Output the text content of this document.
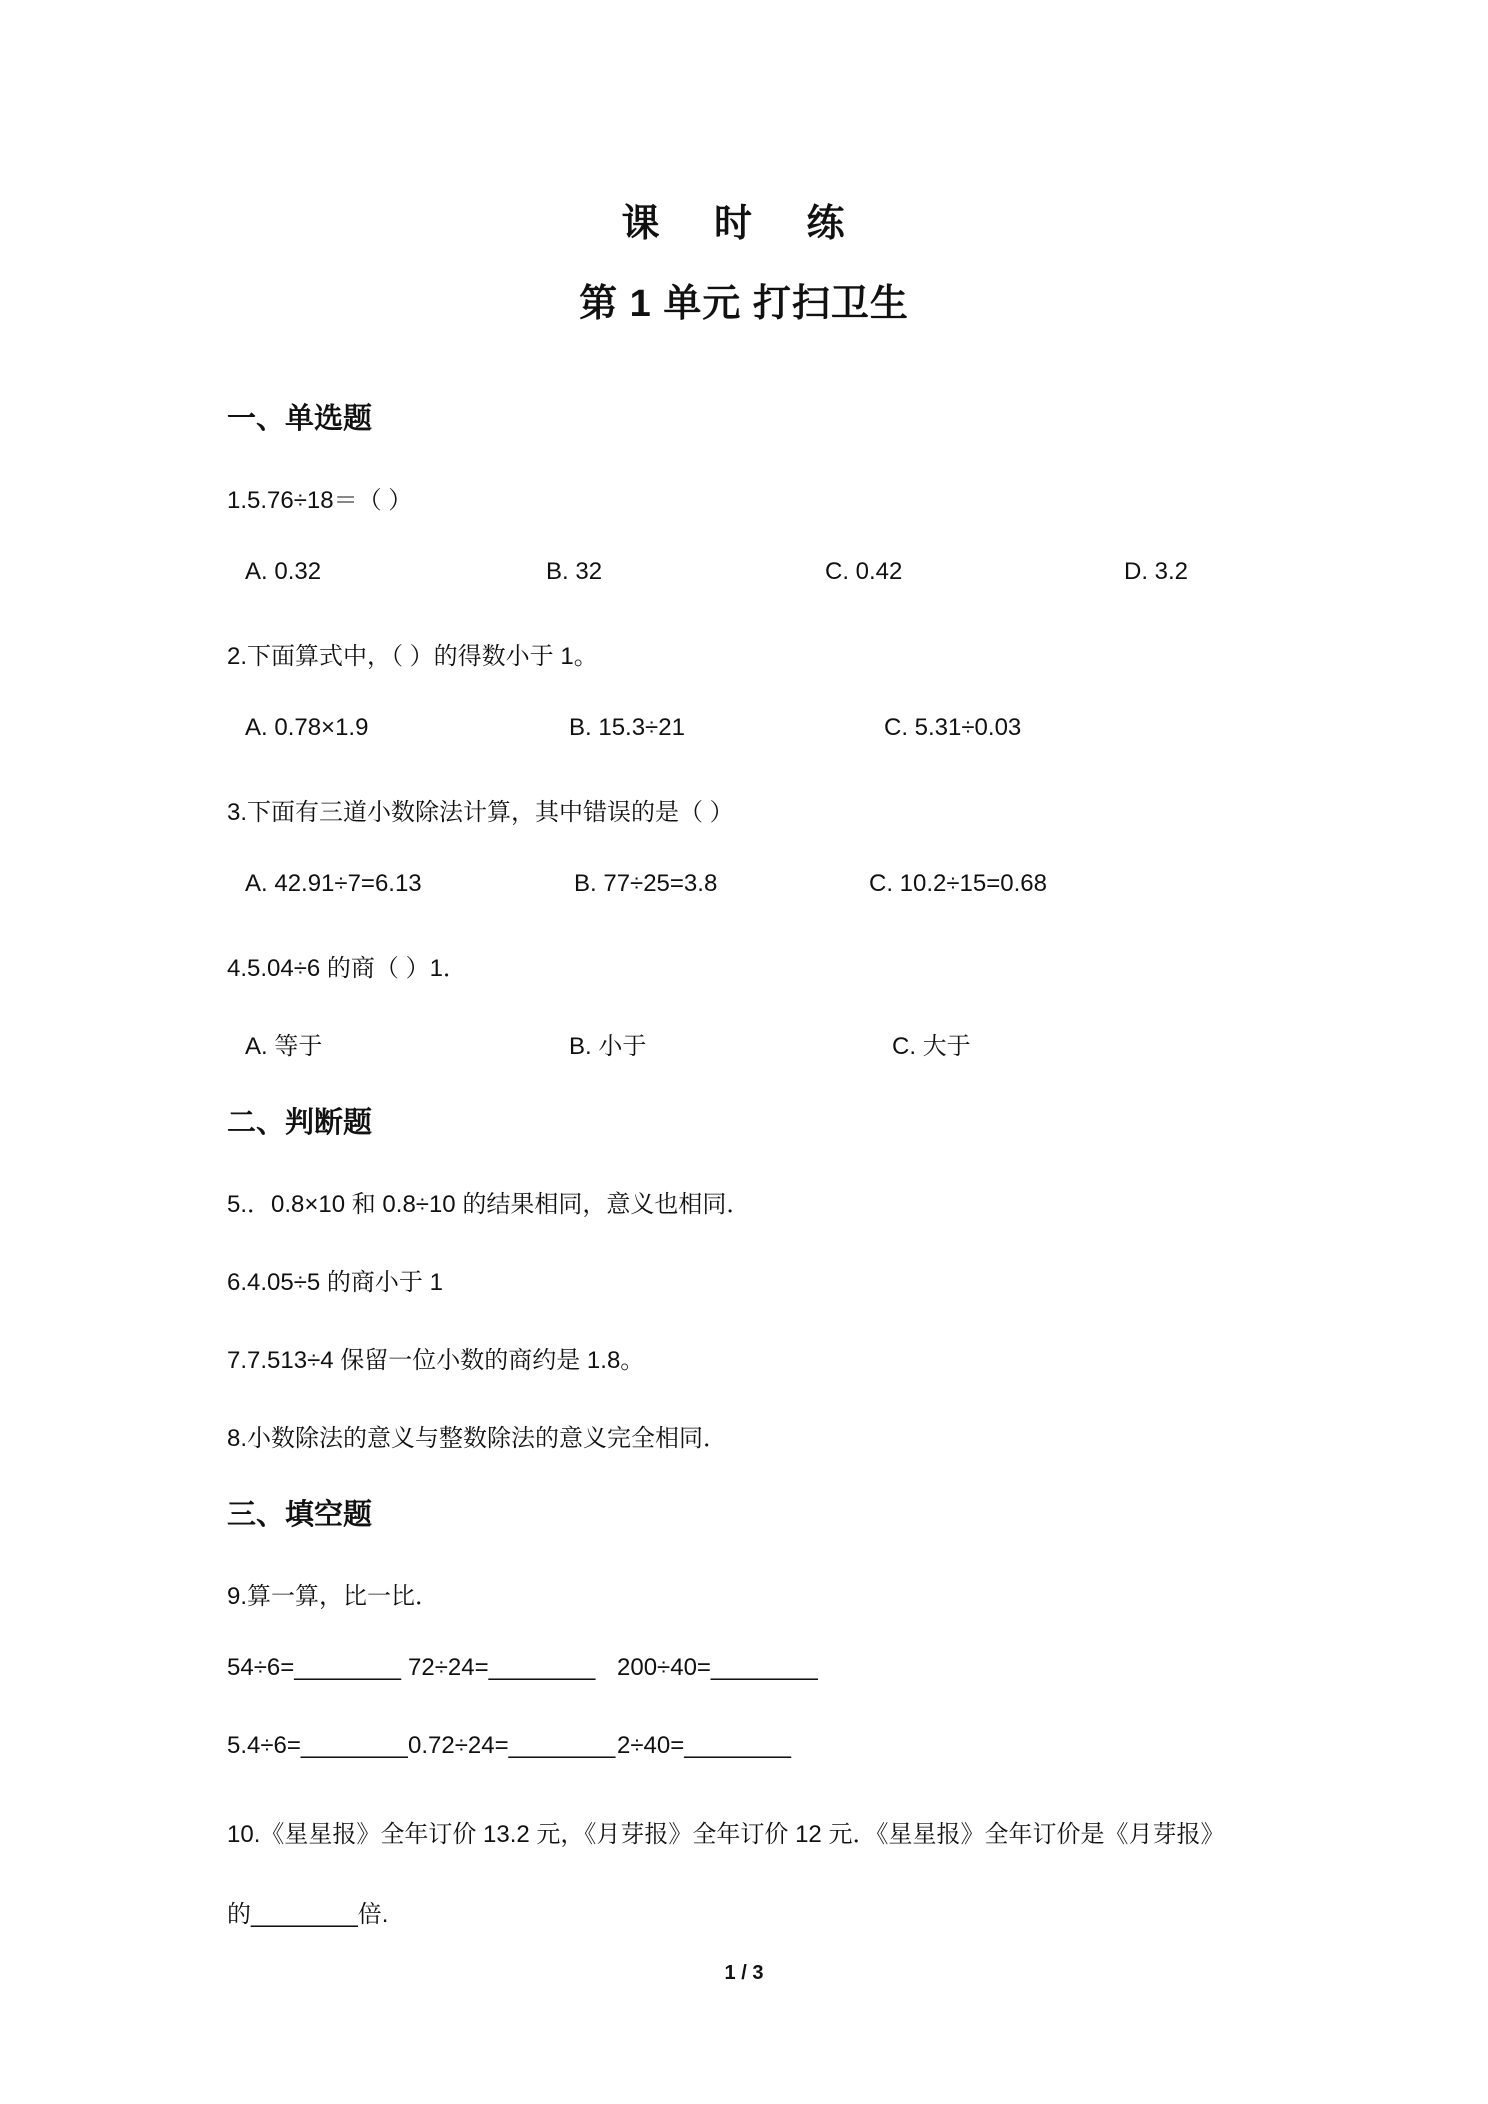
课 时 练
第 1 单元 打扫卫生
一、单选题
1.5.76÷18＝（ ）
A. 0.32	B. 32	C. 0.42	D. 3.2
2.下面算式中，（ ）的得数小于 1。
A. 0.78×1.9	B. 15.3÷21	C. 5.31÷0.03
3.下面有三道小数除法计算，其中错误的是（ ）
A. 42.91÷7=6.13	B. 77÷25=3.8	C. 10.2÷15=0.68
4.5.04÷6 的商（ ）1．
A. 等于	B. 小于	C. 大于
二、判断题
5.．0.8×10 和 0.8÷10 的结果相同，意义也相同．
6.4.05÷5 的商小于 1
7.7.513÷4 保留一位小数的商约是 1.8。
8.小数除法的意义与整数除法的意义完全相同．
三、填空题
9.算一算，比一比．
54÷6=________ 72÷24=________ 200÷40=________
5.4÷6=________ 0.72÷24=________ 2÷40=________
10.《星星报》全年订价 13.2 元，《月芽报》全年订价 12 元．《星星报》全年订价是《月芽报》
的________倍.
1 / 3
